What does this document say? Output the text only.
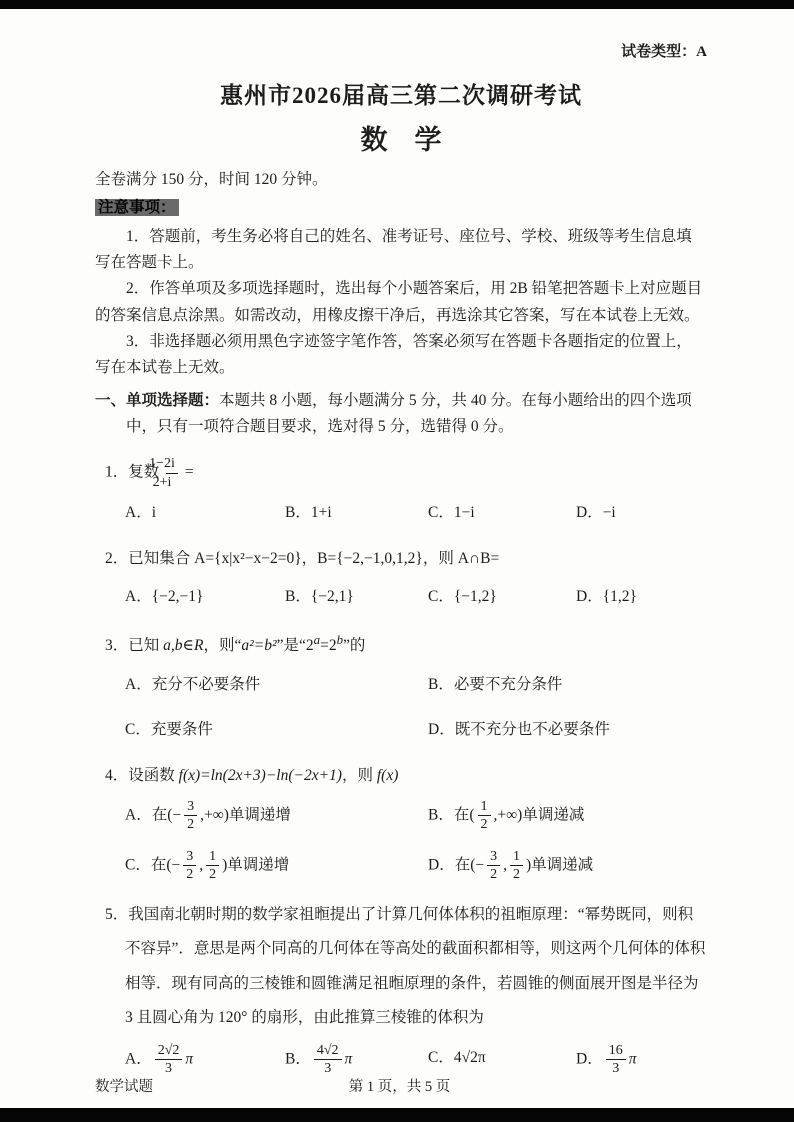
试卷类型：A

惠州市2026届高三第二次调研考试
数　学

全卷满分 150 分，时间 120 分钟。

注意事项：

1．答题前，考生务必将自己的姓名、准考证号、座位号、学校、班级等考生信息填写在答题卡上。

2．作答单项及多项选择题时，选出每个小题答案后，用 2B 铅笔把答题卡上对应题目的答案信息点涂黑。如需改动，用橡皮擦干净后，再选涂其它答案，写在本试卷上无效。

3．非选择题必须用黑色字迹签字笔作答，答案必须写在答题卡各题指定的位置上，写在本试卷上无效。

一、单项选择题：本题共 8 小题，每小题满分 5 分，共 40 分。在每小题给出的四个选项中，只有一项符合题目要求，选对得 5 分，选错得 0 分。

1．复数 $\frac{1-2i}{2+i}$ =

A．i	B．1+i	C．1−i	D．−i

2．已知集合 A={x|x²−x−2=0}，B={−2,−1,0,1,2}，则 A∩B=

A．{−2,−1}	B．{−2,1}	C．{−1,2}	D．{1,2}

3．已知 a,b∈R，则“a²=b²”是“$2^a=2^b$”的

A．充分不必要条件	B．必要不充分条件
C．充要条件	D．既不充分也不必要条件

4．设函数 f(x)=ln(2x+3)−ln(−2x+1)，则 f(x)

A．在(− $\frac{3}{2}$ ,+∞)单调递增	B．在( $\frac{1}{2}$ ,+∞)单调递减
C．在(− $\frac{3}{2}$ , $\frac{1}{2}$ )单调递增	D．在(− $\frac{3}{2}$ , $\frac{1}{2}$ )单调递减

5．我国南北朝时期的数学家祖暅提出了计算几何体体积的祖暅原理：“幂势既同，则积不容异”．意思是两个同高的几何体在等高处的截面积都相等，则这两个几何体的体积相等．现有同高的三棱锥和圆锥满足祖暅原理的条件，若圆锥的侧面展开图是半径为 3 且圆心角为 120° 的扇形，由此推算三棱锥的体积为

A． $\frac{2√2}{3}$ π	B． $\frac{4√2}{3}$ π	C．4√2π	D． $\frac{16}{3}$ π
数学试题	第 1 页，共 5 页
